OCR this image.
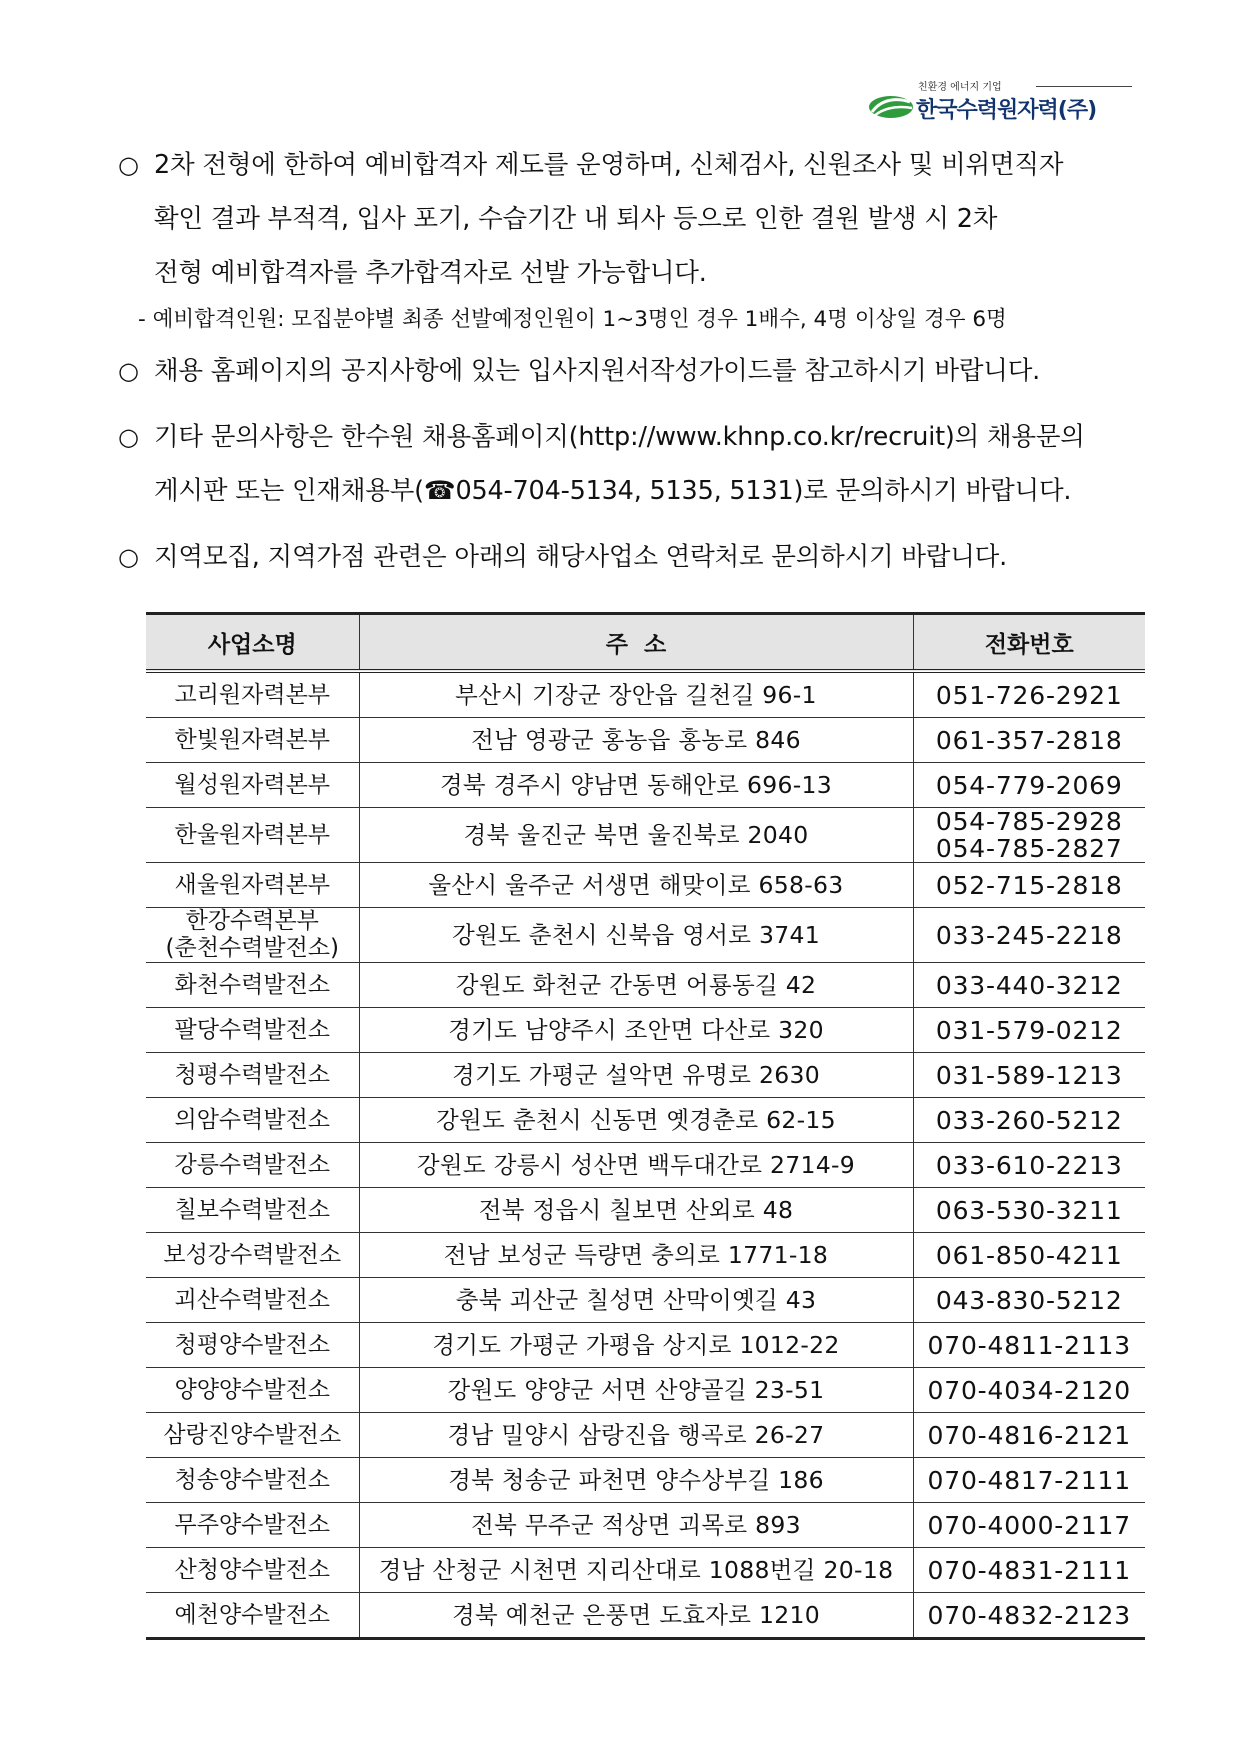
친환경 에너지 기업
한국수력원자력(주)
○ 2차 전형에 한하여 예비합격자 제도를 운영하며, 신체검사, 신원조사 및 비위면직자
확인 결과 부적격, 입사 포기, 수습기간 내 퇴사 등으로 인한 결원 발생 시 2차
전형 예비합격자를 추가합격자로 선발 가능합니다.
- 예비합격인원: 모집분야별 최종 선발예정인원이 1~3명인 경우 1배수, 4명 이상일 경우 6명
○ 채용 홈페이지의 공지사항에 있는 입사지원서작성가이드를 참고하시기 바랍니다.
○ 기타 문의사항은 한수원 채용홈페이지(http://www.khnp.co.kr/recruit)의 채용문의
게시판 또는 인재채용부(☎054-704-5134, 5135, 5131)로 문의하시기 바랍니다.
○ 지역모집, 지역가점 관련은 아래의 해당사업소 연락처로 문의하시기 바랍니다.
사업소명	주  소	전화번호

고리원자력본부	부산시 기장군 장안읍 길천길 96-1	051-726-2921

한빛원자력본부	전남 영광군 홍농읍 홍농로 846	061-357-2818

월성원자력본부	경북 경주시 양남면 동해안로 696-13	054-779-2069

한울원자력본부	경북 울진군 북면 울진북로 2040	054-785-2928
054-785-2827

새울원자력본부	울산시 울주군 서생면 해맞이로 658-63	052-715-2818

한강수력본부
(춘천수력발전소)	강원도 춘천시 신북읍 영서로 3741	033-245-2218

화천수력발전소	강원도 화천군 간동면 어룡동길 42	033-440-3212

팔당수력발전소	경기도 남양주시 조안면 다산로 320	031-579-0212

청평수력발전소	경기도 가평군 설악면 유명로 2630	031-589-1213

의암수력발전소	강원도 춘천시 신동면 옛경춘로 62-15	033-260-5212

강릉수력발전소	강원도 강릉시 성산면 백두대간로 2714-9	033-610-2213

칠보수력발전소	전북 정읍시 칠보면 산외로 48	063-530-3211

보성강수력발전소	전남 보성군 득량면 충의로 1771-18	061-850-4211

괴산수력발전소	충북 괴산군 칠성면 산막이옛길 43	043-830-5212

청평양수발전소	경기도 가평군 가평읍 상지로 1012-22	070-4811-2113

양양양수발전소	강원도 양양군 서면 산양골길 23-51	070-4034-2120

삼랑진양수발전소	경남 밀양시 삼랑진읍 행곡로 26-27	070-4816-2121

청송양수발전소	경북 청송군 파천면 양수상부길 186	070-4817-2111

무주양수발전소	전북 무주군 적상면 괴목로 893	070-4000-2117

산청양수발전소	경남 산청군 시천면 지리산대로 1088번길 20-18	070-4831-2111

예천양수발전소	경북 예천군 은풍면 도효자로 1210	070-4832-2123
